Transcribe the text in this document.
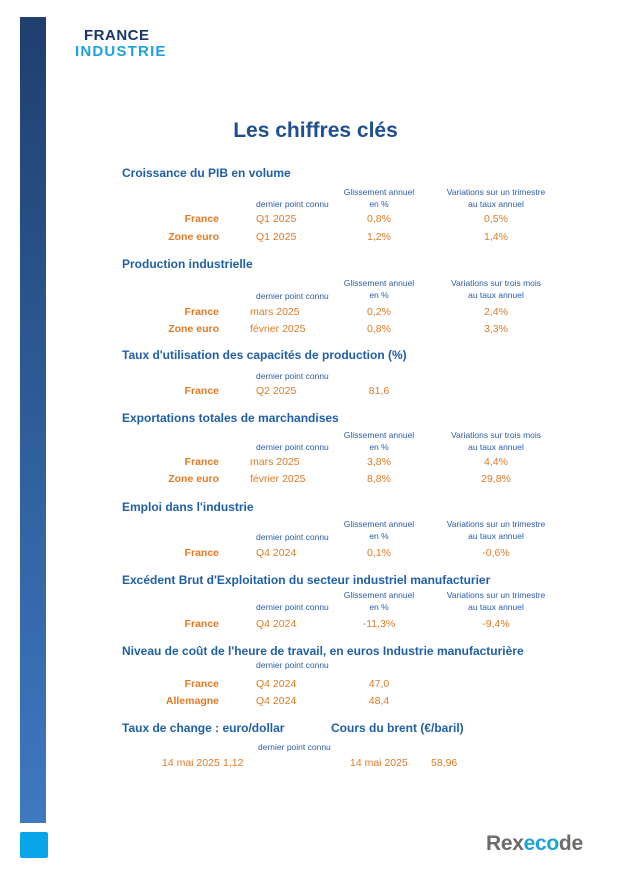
FRANCE
INDUSTRIE
Les chiffres clés
Croissance du PIB en volume
Glissement annuel
en %
Variations sur un trimestre
au taux annuel
dernier point connu
France	Q1 2025	0,8%	0,5%
Zone euro	Q1 2025	1,2%	1,4%
Production industrielle
Glissement annuel
en %
Variations sur trois mois
au taux annuel
dernier point connu
France	mars 2025	0,2%	2,4%
Zone euro	février 2025	0,8%	3,3%
Taux d'utilisation des capacités de production (%)
dernier point connu
France	Q2 2025	81,6
Exportations totales de marchandises
Glissement annuel
en %
Variations sur trois mois
au taux annuel
dernier point connu
France	mars 2025	3,8%	4,4%
Zone euro	février 2025	8,8%	29,8%
Emploi dans l'industrie
Glissement annuel
en %
Variations sur un trimestre
au taux annuel
dernier point connu
France	Q4 2024	0,1%	-0,6%
Excédent Brut d'Exploitation du secteur industriel manufacturier
Glissement annuel
en %
Variations sur un trimestre
au taux annuel
dernier point connu
France	Q4 2024	-11,3%	-9,4%
Niveau de coût de l'heure de travail, en euros Industrie manufacturière
dernier point connu
France	Q4 2024	47,0
Allemagne	Q4 2024	48,4
Taux de change : euro/dollar	Cours du brent (€/baril)
dernier point connu
14 mai 2025 1,12	14 mai 2025 58,96
Rexecode
